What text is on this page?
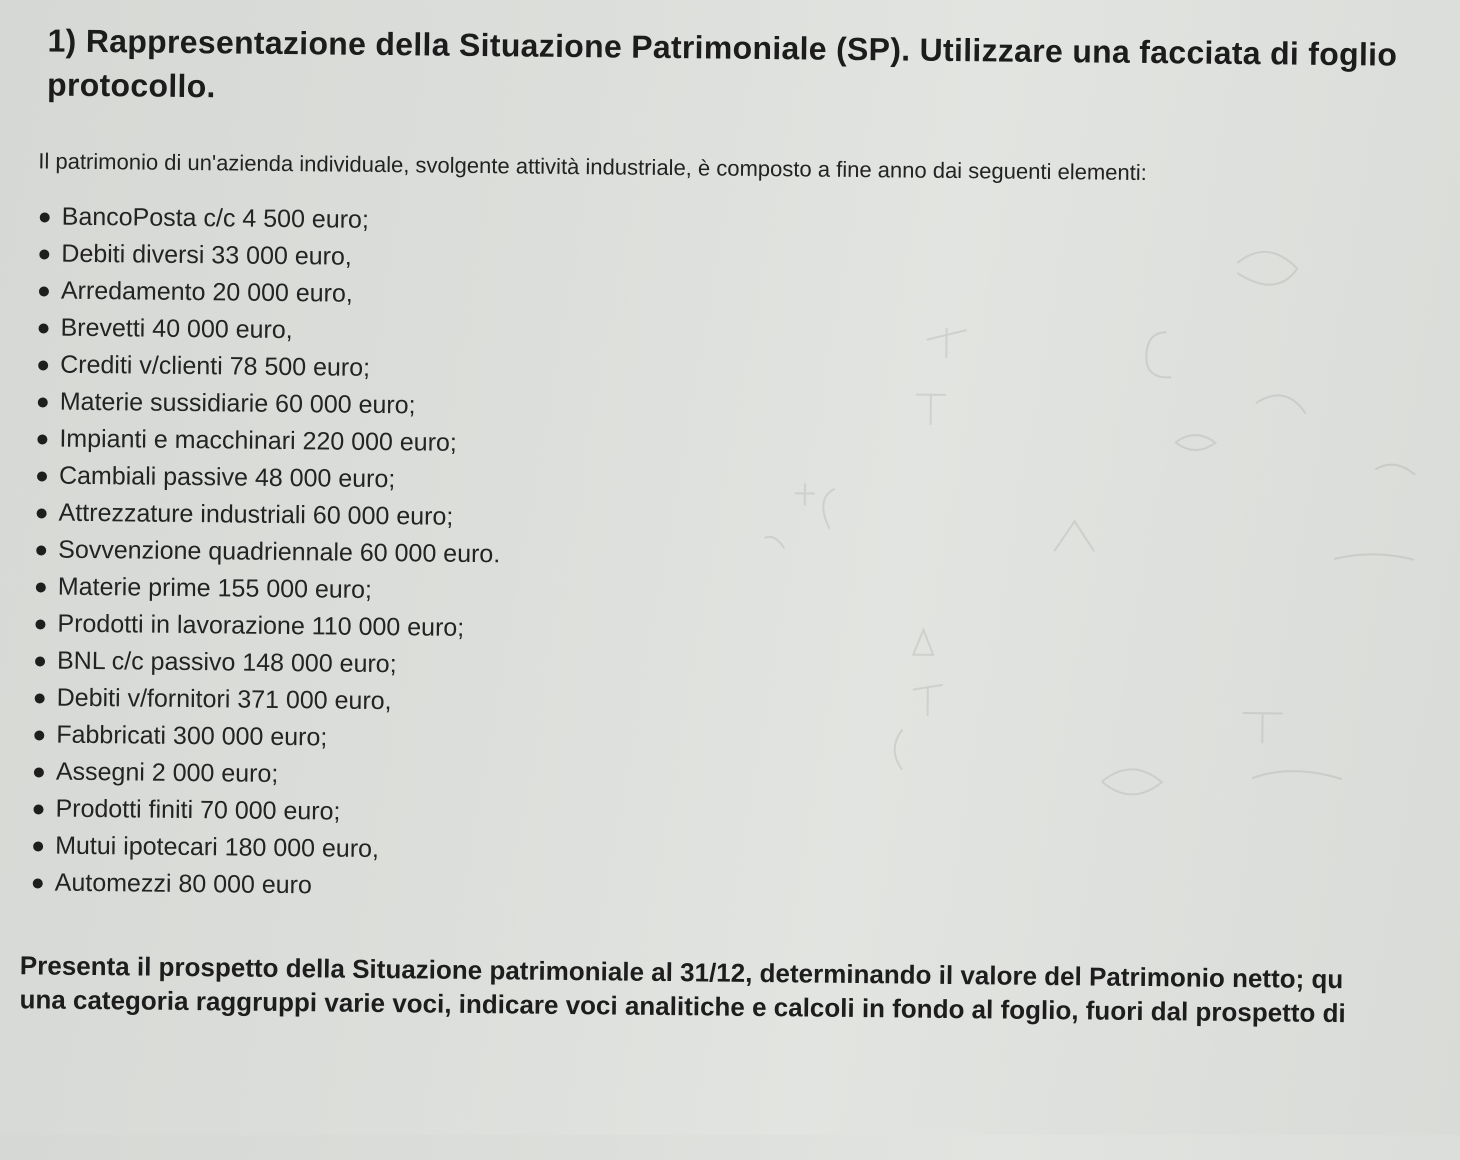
1) Rappresentazione della Situazione Patrimoniale (SP). Utilizzare una facciata di foglio protocollo.
Il patrimonio di un'azienda individuale, svolgente attività industriale, è composto a fine anno dai seguenti elementi:
BancoPosta c/c 4 500 euro;
Debiti diversi 33 000 euro,
Arredamento 20 000 euro,
Brevetti 40 000 euro,
Crediti v/clienti 78 500 euro;
Materie sussidiarie 60 000 euro;
Impianti e macchinari 220 000 euro;
Cambiali passive 48 000 euro;
Attrezzature industriali 60 000 euro;
Sovvenzione quadriennale 60 000 euro.
Materie prime 155 000 euro;
Prodotti in lavorazione 110 000 euro;
BNL c/c passivo 148 000 euro;
Debiti v/fornitori 371 000 euro,
Fabbricati 300 000 euro;
Assegni 2 000 euro;
Prodotti finiti 70 000 euro;
Mutui ipotecari 180 000 euro,
Automezzi 80 000 euro
Presenta il prospetto della Situazione patrimoniale al 31/12, determinando il valore del Patrimonio netto; qu
una categoria raggruppi varie voci, indicare voci analitiche e calcoli in fondo al foglio, fuori dal prospetto di
